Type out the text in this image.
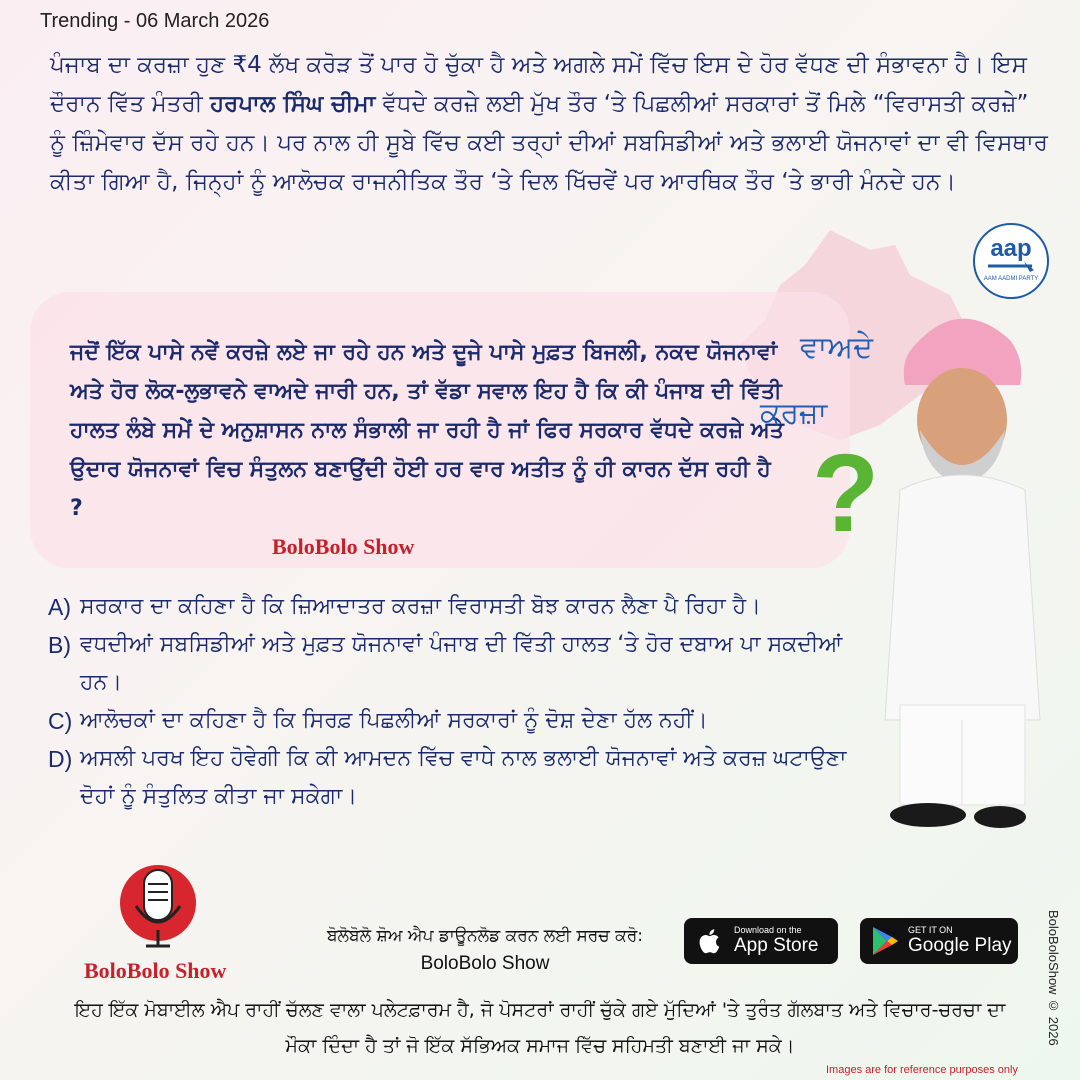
Trending - 06 March 2026
ਪੰਜਾਬ ਦਾ ਕਰਜ਼ਾ ਹੁਣ ₹4 ਲੱਖ ਕਰੋੜ ਤੋਂ ਪਾਰ ਹੋ ਚੁੱਕਾ ਹੈ ਅਤੇ ਅਗਲੇ ਸਮੇਂ ਵਿੱਚ ਇਸ ਦੇ ਹੋਰ ਵੱਧਣ ਦੀ ਸੰਭਾਵਨਾ ਹੈ। ਇਸ ਦੌਰਾਨ ਵਿੱਤ ਮੰਤਰੀ ਹਰਪਾਲ ਸਿੰਘ ਚੀਮਾ ਵੱਧਦੇ ਕਰਜ਼ੇ ਲਈ ਮੁੱਖ ਤੌਰ ‘ਤੇ ਪਿਛਲੀਆਂ ਸਰਕਾਰਾਂ ਤੋਂ ਮਿਲੇ “ਵਿਰਾਸਤੀ ਕਰਜ਼ੇ” ਨੂੰ ਜ਼ਿੰਮੇਵਾਰ ਦੱਸ ਰਹੇ ਹਨ। ਪਰ ਨਾਲ ਹੀ ਸੂਬੇ ਵਿੱਚ ਕਈ ਤਰ੍ਹਾਂ ਦੀਆਂ ਸਬਸਿਡੀਆਂ ਅਤੇ ਭਲਾਈ ਯੋਜਨਾਵਾਂ ਦਾ ਵੀ ਵਿਸਥਾਰ ਕੀਤਾ ਗਿਆ ਹੈ, ਜਿਨ੍ਹਾਂ ਨੂੰ ਆਲੋਚਕ ਰਾਜਨੀਤਿਕ ਤੌਰ ‘ਤੇ ਦਿਲ ਖਿੱਚਵੇਂ ਪਰ ਆਰਥਿਕ ਤੌਰ ‘ਤੇ ਭਾਰੀ ਮੰਨਦੇ ਹਨ।
aap
AAM AADMI PARTY
ਜਦੋਂ ਇੱਕ ਪਾਸੇ ਨਵੇਂ ਕਰਜ਼ੇ ਲਏ ਜਾ ਰਹੇ ਹਨ ਅਤੇ ਦੂਜੇ ਪਾਸੇ ਮੁਫ਼ਤ ਬਿਜਲੀ, ਨਕਦ ਯੋਜਨਾਵਾਂ ਅਤੇ ਹੋਰ ਲੋਕ-ਲੁਭਾਵਨੇ ਵਾਅਦੇ ਜਾਰੀ ਹਨ, ਤਾਂ ਵੱਡਾ ਸਵਾਲ ਇਹ ਹੈ ਕਿ ਕੀ ਪੰਜਾਬ ਦੀ ਵਿੱਤੀ ਹਾਲਤ ਲੰਬੇ ਸਮੇਂ ਦੇ ਅਨੁਸ਼ਾਸਨ ਨਾਲ ਸੰਭਾਲੀ ਜਾ ਰਹੀ ਹੈ ਜਾਂ ਫਿਰ ਸਰਕਾਰ ਵੱਧਦੇ ਕਰਜ਼ੇ ਅਤੇ ਉਦਾਰ ਯੋਜਨਾਵਾਂ ਵਿਚ ਸੰਤੁਲਨ ਬਣਾਉਂਦੀ ਹੋਈ ਹਰ ਵਾਰ ਅਤੀਤ ਨੂੰ ਹੀ ਕਾਰਨ ਦੱਸ ਰਹੀ ਹੈ ?
ਵਾਅਦੇ
ਕਰਜ਼ਾ
?
BoloBolo Show
A) ਸਰਕਾਰ ਦਾ ਕਹਿਣਾ ਹੈ ਕਿ ਜ਼ਿਆਦਾਤਰ ਕਰਜ਼ਾ ਵਿਰਾਸਤੀ ਬੋਝ ਕਾਰਨ ਲੈਣਾ ਪੈ ਰਿਹਾ ਹੈ।
B) ਵਧਦੀਆਂ ਸਬਸਿਡੀਆਂ ਅਤੇ ਮੁਫ਼ਤ ਯੋਜਨਾਵਾਂ ਪੰਜਾਬ ਦੀ ਵਿੱਤੀ ਹਾਲਤ ‘ਤੇ ਹੋਰ ਦਬਾਅ ਪਾ ਸਕਦੀਆਂ ਹਨ।
C) ਆਲੋਚਕਾਂ ਦਾ ਕਹਿਣਾ ਹੈ ਕਿ ਸਿਰਫ਼ ਪਿਛਲੀਆਂ ਸਰਕਾਰਾਂ ਨੂੰ ਦੋਸ਼ ਦੇਣਾ ਹੱਲ ਨਹੀਂ।
D) ਅਸਲੀ ਪਰਖ ਇਹ ਹੋਵੇਗੀ ਕਿ ਕੀ ਆਮਦਨ ਵਿੱਚ ਵਾਧੇ ਨਾਲ ਭਲਾਈ ਯੋਜਨਾਵਾਂ ਅਤੇ ਕਰਜ਼ ਘਟਾਉਣਾ ਦੋਹਾਂ ਨੂੰ ਸੰਤੁਲਿਤ ਕੀਤਾ ਜਾ ਸਕੇਗਾ।
BoloBolo Show
ਬੋਲੋਬੋਲੋ ਸ਼ੋਅ ਐਪ ਡਾਊਨਲੋਡ ਕਰਨ ਲਈ ਸਰਚ ਕਰੋ:
BoloBolo Show
Download on the
App Store
GET IT ON
Google Play
ਇਹ ਇੱਕ ਮੋਬਾਈਲ ਐਪ ਰਾਹੀਂ ਚੱਲਣ ਵਾਲਾ ਪਲੇਟਫ਼ਾਰਮ ਹੈ, ਜੋ ਪੋਸਟਰਾਂ ਰਾਹੀਂ ਚੁੱਕੇ ਗਏ ਮੁੱਦਿਆਂ 'ਤੇ ਤੁਰੰਤ ਗੱਲਬਾਤ ਅਤੇ ਵਿਚਾਰ-ਚਰਚਾ ਦਾ ਮੌਕਾ ਦਿੰਦਾ ਹੈ ਤਾਂ ਜੋ ਇੱਕ ਸੱਭਿਅਕ ਸਮਾਜ ਵਿੱਚ ਸਹਿਮਤੀ ਬਣਾਈ ਜਾ ਸਕੇ।
BoloBoloShow © 2026
Images are for reference purposes only
